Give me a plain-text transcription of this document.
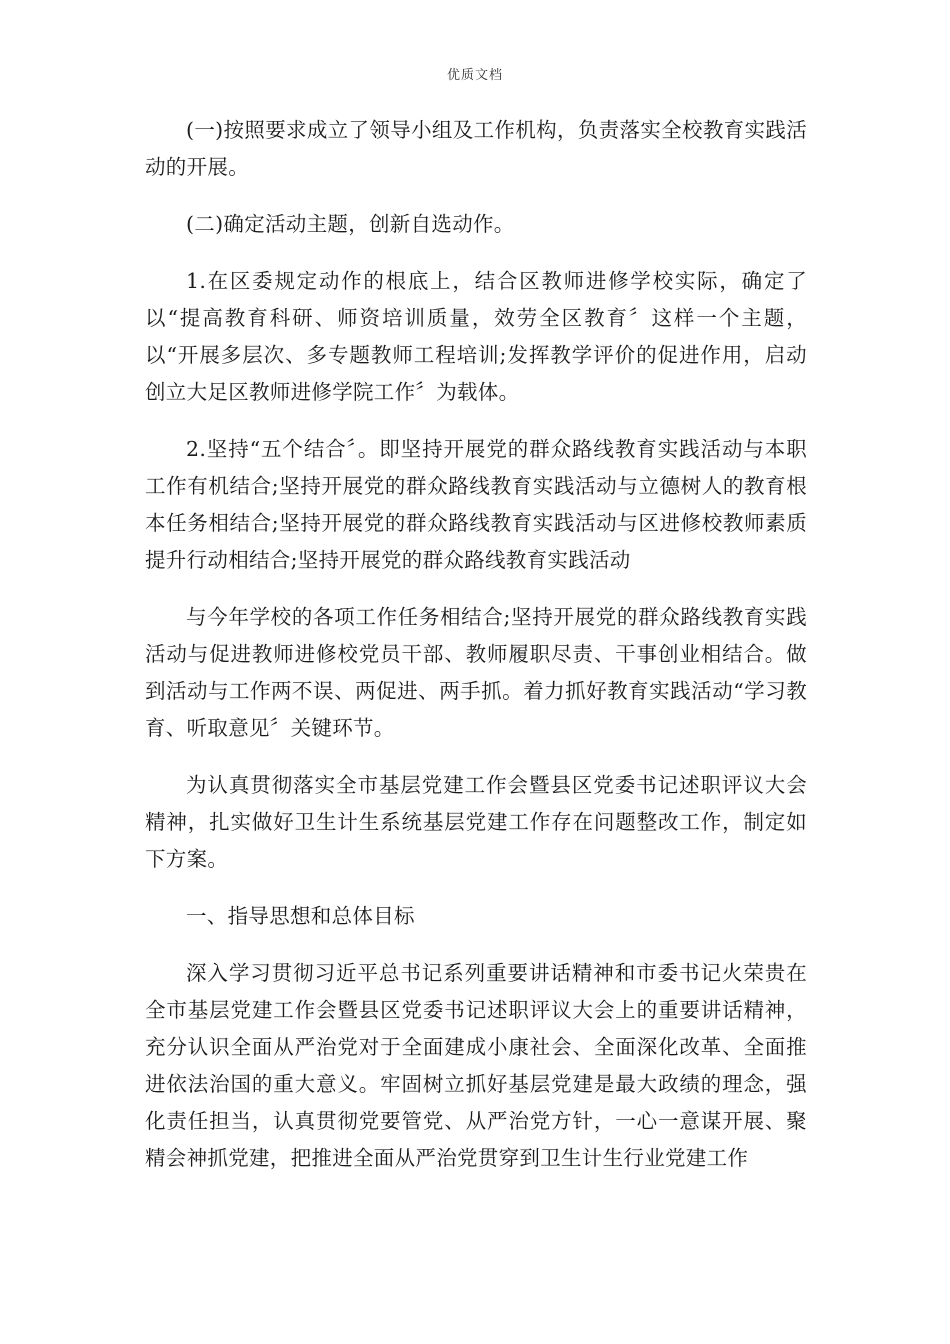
优质文档

(一)按照要求成立了领导小组及工作机构，负责落实全校教育实践活动的开展。

(二)确定活动主题，创新自选动作。

1.在区委规定动作的根底上，结合区教师进修学校实际，确定了以“提高教育科研、师资培训质量，效劳全区教育〞这样一个主题，以“开展多层次、多专题教师工程培训;发挥教学评价的促进作用，启动创立大足区教师进修学院工作〞为载体。

2.坚持“五个结合〞。即坚持开展党的群众路线教育实践活动与本职工作有机结合;坚持开展党的群众路线教育实践活动与立德树人的教育根本任务相结合;坚持开展党的群众路线教育实践活动与区进修校教师素质提升行动相结合;坚持开展党的群众路线教育实践活动

与今年学校的各项工作任务相结合;坚持开展党的群众路线教育实践活动与促进教师进修校党员干部、教师履职尽责、干事创业相结合。做到活动与工作两不误、两促进、两手抓。着力抓好教育实践活动“学习教育、听取意见〞关键环节。

为认真贯彻落实全市基层党建工作会暨县区党委书记述职评议大会精神，扎实做好卫生计生系统基层党建工作存在问题整改工作，制定如下方案。

一、指导思想和总体目标

深入学习贯彻习近平总书记系列重要讲话精神和市委书记火荣贵在全市基层党建工作会暨县区党委书记述职评议大会上的重要讲话精神，充分认识全面从严治党对于全面建成小康社会、全面深化改革、全面推进依法治国的重大意义。牢固树立抓好基层党建是最大政绩的理念，强化责任担当，认真贯彻党要管党、从严治党方针，一心一意谋开展、聚精会神抓党建，把推进全面从严治党贯穿到卫生计生行业党建工作
